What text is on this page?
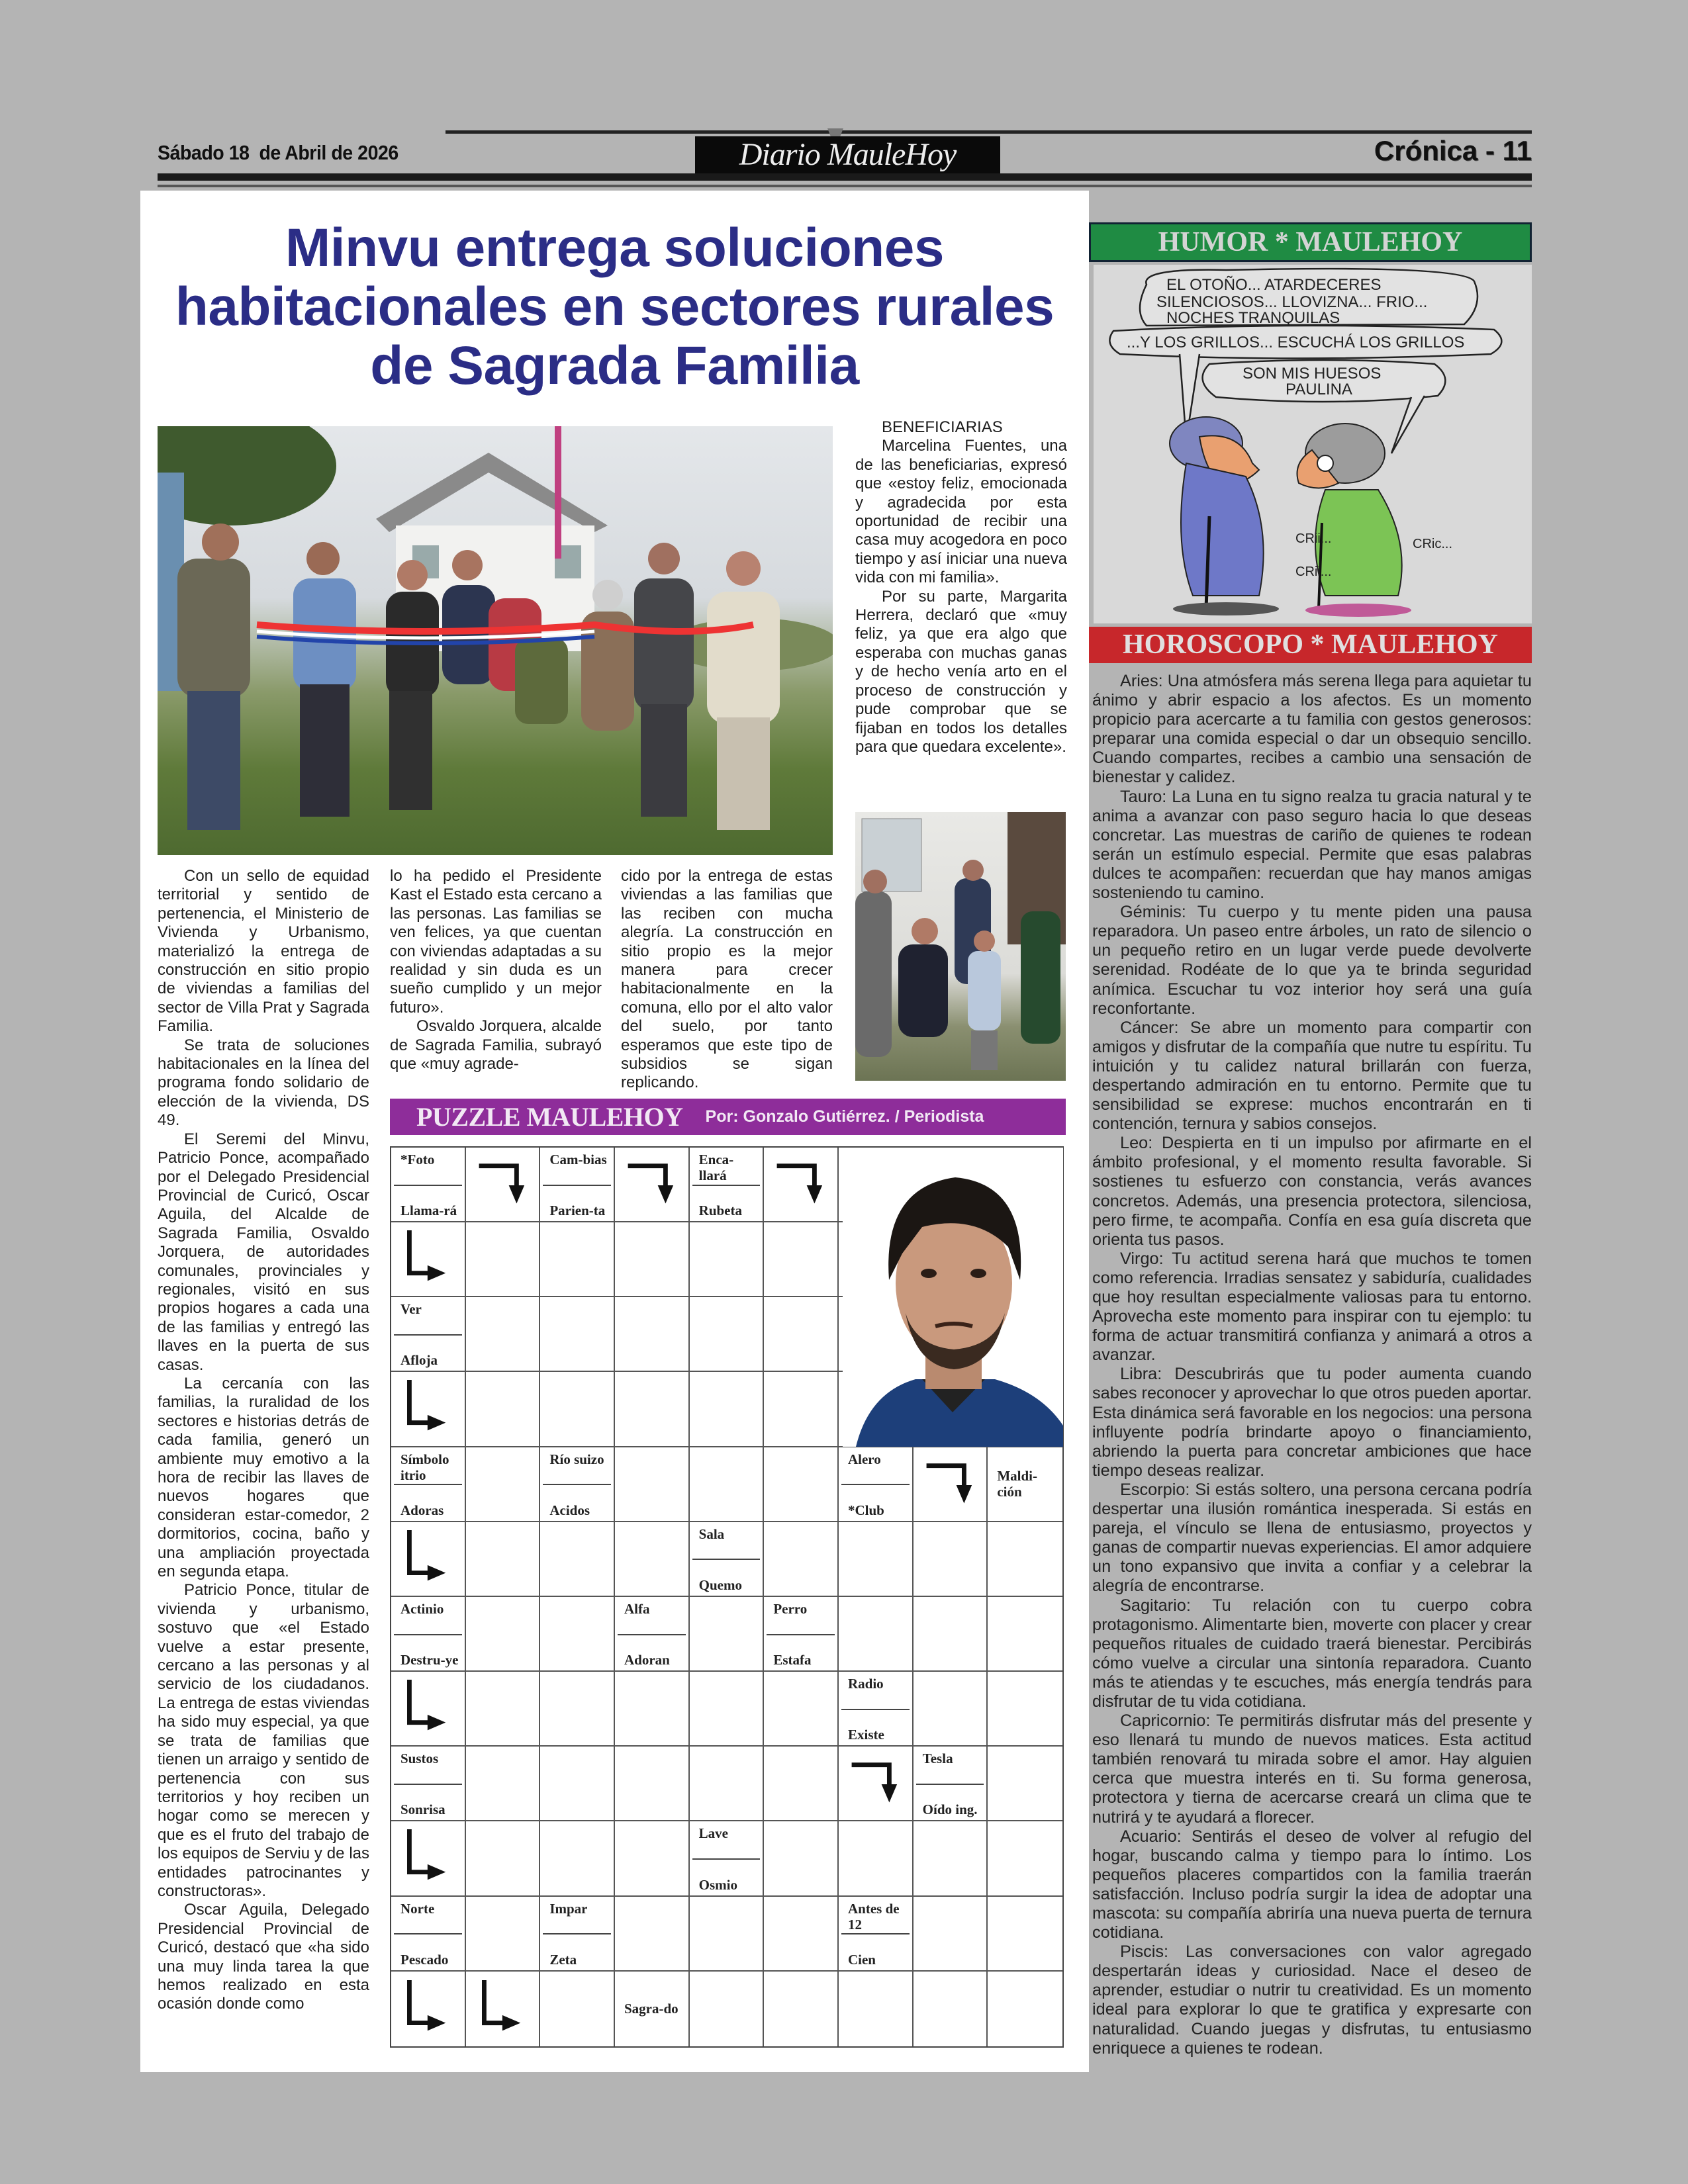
Sábado 18  de Abril de 2026	Diario MauleHoy	Crónica - 11
Minvu entrega soluciones
habitacionales en sectores rurales
de Sagrada Familia

Con un sello de equidad territorial y sentido de pertenencia, el Ministerio de Vivienda y Urbanismo, materializó la entrega de construcción en sitio propio de viviendas a familias del sector de Villa Prat y Sagrada Familia.

Se trata de soluciones habitacionales en la línea del programa fondo solidario de elección de la vivienda, DS 49.

El Seremi del Minvu, Patricio Ponce, acompañado por el Delegado Presidencial Provincial de Curicó, Oscar Aguila, del Alcalde de Sagrada Familia, Osvaldo Jorquera, de autoridades comunales, provinciales y regionales, visitó en sus propios hogares a cada una de las familias y entregó las llaves en la puerta de sus casas.

La cercanía con las familias, la ruralidad de los sectores e historias detrás de cada familia, generó un ambiente muy emotivo a la hora de recibir las llaves de nuevos hogares que consideran estar-comedor, 2 dormitorios, cocina, baño y una ampliación proyectada en segunda etapa.

Patricio Ponce, titular de vivienda y urbanismo, sostuvo que «el Estado vuelve a estar presente, cercano a las personas y al servicio de los ciudadanos. La entrega de estas viviendas ha sido muy especial, ya que se trata de familias que tienen un arraigo y sentido de pertenencia con sus territorios y hoy reciben un hogar como se merecen y que es el fruto del trabajo de los equipos de Serviu y de las entidades patrocinantes y constructoras».

Oscar Aguila, Delegado Presidencial Provincial de Curicó, destacó que «ha sido una muy linda tarea la que hemos realizado en esta ocasión donde como

lo ha pedido el Presidente Kast el Estado esta cercano a las personas. Las familias se ven felices, ya que cuentan con viviendas adaptadas a su realidad y sin duda es un sueño cumplido y un mejor futuro».

Osvaldo Jorquera, alcalde de Sagrada Familia, subrayó que «muy agrade-

cido por la entrega de estas viviendas a las familias que las reciben con mucha alegría. La construcción en sitio propio es la mejor manera para crecer habitacionalmente en la comuna, ello por el alto valor del suelo, por tanto esperamos que este tipo de subsidios se sigan replicando.

BENEFICIARIAS

Marcelina Fuentes, una de las beneficiarias, expresó que «estoy feliz, emocionada y agradecida por esta oportunidad de recibir una casa muy acogedora en poco tiempo y así iniciar una nueva vida con mi familia».

Por su parte, Margarita Herrera, declaró que «muy feliz, ya que era algo que esperaba con muchas ganas y de hecho venía arto en el proceso de construcción y pude comprobar que se fijaban en todos los detalles para que quedara excelente».

PUZZLE MAULEHOY Por: Gonzalo Gutiérrez. / Periodista
*Foto
Llama-rá
Cam-bias
Parien-ta
Enca-llará
Rubeta
Ver
Afloja
Símbolo itrio
Adoras
Río suizo
Acidos
Alero
*Club
Maldi-ción
Sala
Quemo
Actinio
Destru-ye
Alfa
Adoran
Perro
Estafa
Radio
Existe
Sustos
Sonrisa
Tesla
Oído ing.
Lave
Osmio
Norte
Pescado
Impar
Zeta
Antes de 12
Cien
Sagra-do
HUMOR * MAULEHOY
EL OTOÑO... ATARDECERES
SILENCIOSOS... LLOVIZNA... FRIO...
NOCHES TRANQUILAS
...Y LOS GRILLOS... ESCUCHÁ LOS GRILLOS
SON MIS HUESOS
PAULINA
CRii...
CRii...
CRic...
HOROSCOPO * MAULEHOY

Aries: Una atmósfera más serena llega para aquietar tu ánimo y abrir espacio a los afectos. Es un momento propicio para acercarte a tu familia con gestos generosos: preparar una comida especial o dar un obsequio sencillo. Cuando compartes, recibes a cambio una sensación de bienestar y calidez.

Tauro: La Luna en tu signo realza tu gracia natural y te anima a avanzar con paso seguro hacia lo que deseas concretar. Las muestras de cariño de quienes te rodean serán un estímulo especial. Permite que esas palabras dulces te acompañen: recuerdan que hay manos amigas sosteniendo tu camino.

Géminis: Tu cuerpo y tu mente piden una pausa reparadora. Un paseo entre árboles, un rato de silencio o un pequeño retiro en un lugar verde puede devolverte serenidad. Rodéate de lo que ya te brinda seguridad anímica. Escuchar tu voz interior hoy será una guía reconfortante.

Cáncer: Se abre un momento para compartir con amigos y disfrutar de la compañía que nutre tu espíritu. Tu intuición y tu calidez natural brillarán con fuerza, despertando admiración en tu entorno. Permite que tu sensibilidad se exprese: muchos encontrarán en ti contención, ternura y sabios consejos.

Leo: Despierta en ti un impulso por afirmarte en el ámbito profesional, y el momento resulta favorable. Si sostienes tu esfuerzo con constancia, verás avances concretos. Además, una presencia protectora, silenciosa, pero firme, te acompaña. Confía en esa guía discreta que orienta tus pasos.

Virgo: Tu actitud serena hará que muchos te tomen como referencia. Irradias sensatez y sabiduría, cualidades que hoy resultan especialmente valiosas para tu entorno. Aprovecha este momento para inspirar con tu ejemplo: tu forma de actuar transmitirá confianza y animará a otros a avanzar.

Libra: Descubrirás que tu poder aumenta cuando sabes reconocer y aprovechar lo que otros pueden aportar. Esta dinámica será favorable en los negocios: una persona influyente podría brindarte apoyo o financiamiento, abriendo la puerta para concretar ambiciones que hace tiempo deseas realizar.

Escorpio: Si estás soltero, una persona cercana podría despertar una ilusión romántica inesperada. Si estás en pareja, el vínculo se llena de entusiasmo, proyectos y ganas de compartir nuevas experiencias. El amor adquiere un tono expansivo que invita a confiar y a celebrar la alegría de encontrarse.

Sagitario: Tu relación con tu cuerpo cobra protagonismo. Alimentarte bien, moverte con placer y crear pequeños rituales de cuidado traerá bienestar. Percibirás cómo vuelve a circular una sintonía reparadora. Cuanto más te atiendas y te escuches, más energía tendrás para disfrutar de tu vida cotidiana.

Capricornio: Te permitirás disfrutar más del presente y eso llenará tu mundo de nuevos matices. Esta actitud también renovará tu mirada sobre el amor. Hay alguien cerca que muestra interés en ti. Su forma generosa, protectora y tierna de acercarse creará un clima que te nutrirá y te ayudará a florecer.

Acuario: Sentirás el deseo de volver al refugio del hogar, buscando calma y tiempo para lo íntimo. Los pequeños placeres compartidos con la familia traerán satisfacción. Incluso podría surgir la idea de adoptar una mascota: su compañía abriría una nueva puerta de ternura cotidiana.

Piscis: Las conversaciones con valor agregado despertarán ideas y curiosidad. Nace el deseo de aprender, estudiar o nutrir tu creatividad. Es un momento ideal para explorar lo que te gratifica y expresarte con naturalidad. Cuando juegas y disfrutas, tu entusiasmo enriquece a quienes te rodean.
